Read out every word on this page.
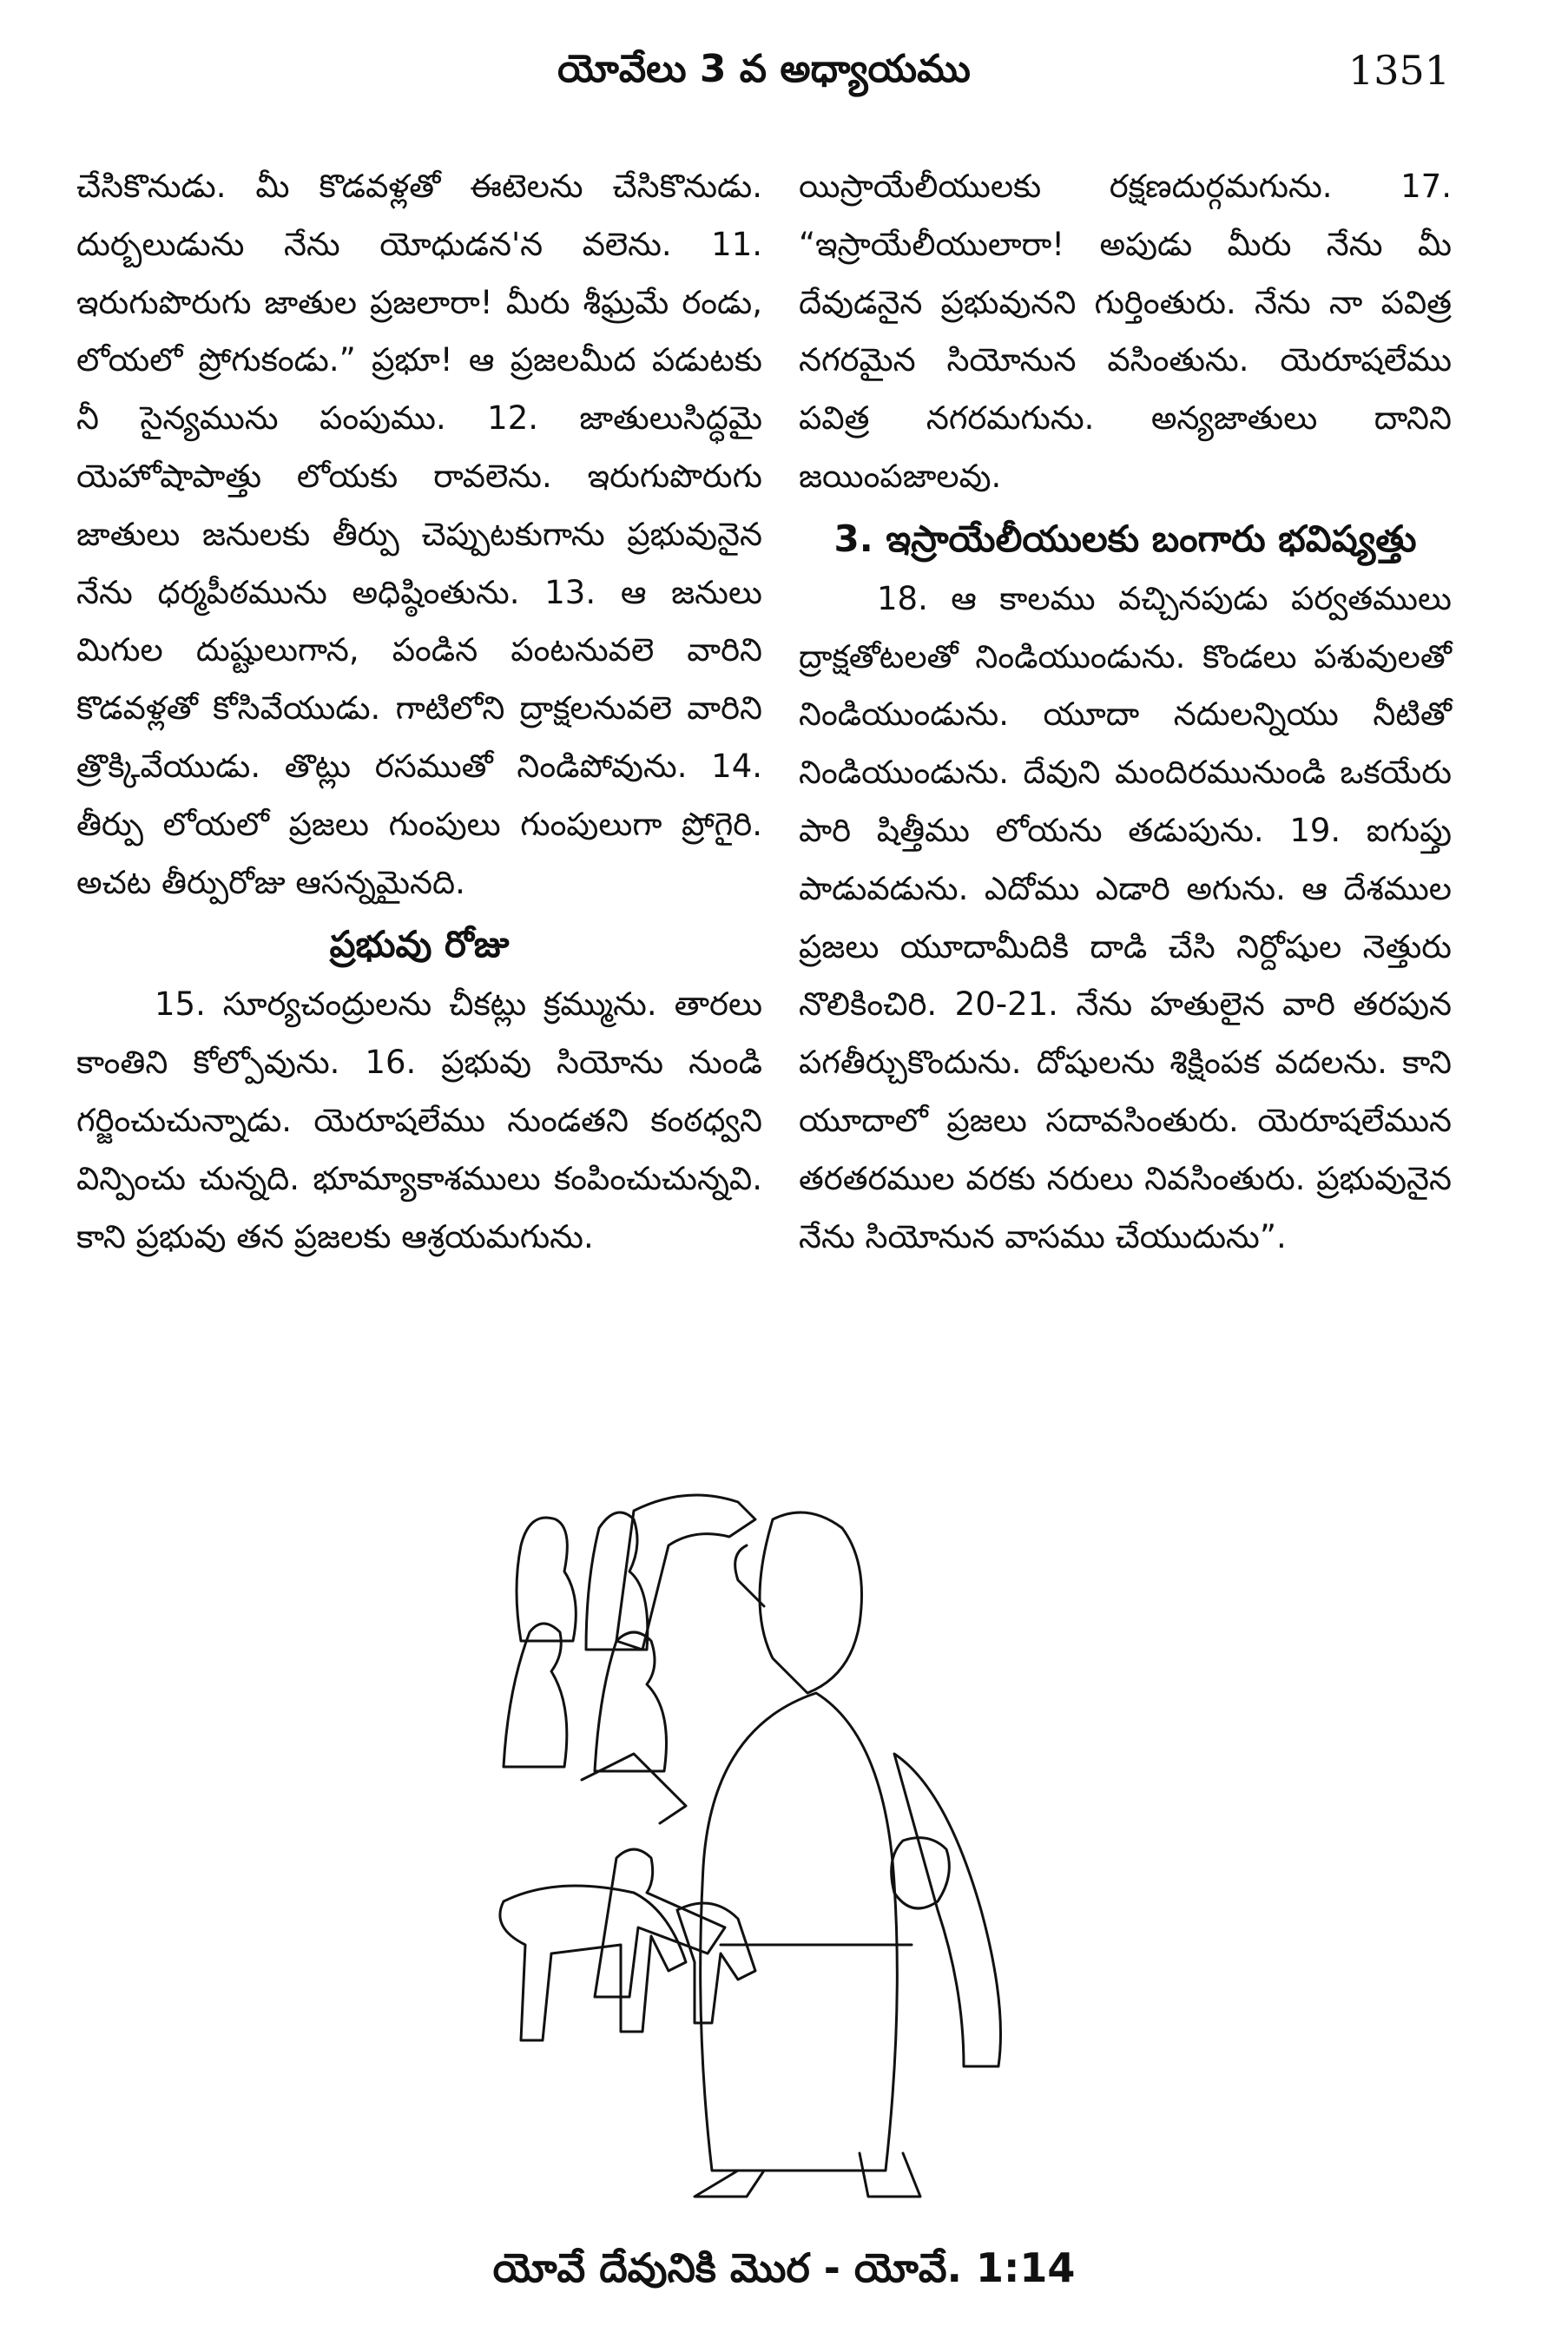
యోవేలు 3 వ అధ్యాయము	1351

చేసికొనుడు. మీ కొడవళ్లతో ఈటెలను చేసికొనుడు. దుర్బలుడును నేను యోధుడన'న వలెను. 11. ఇరుగుపొరుగు జాతుల ప్రజలారా! మీరు శీఘ్రమే రండు, లోయలో ప్రోగుకండు.” ప్రభూ! ఆ ప్రజలమీద పడుటకు నీ సైన్యమును పంపుము. 12. జాతులుసిద్ధమై యెహోషాపాత్తు లోయకు రావలెను. ఇరుగుపొరుగు జాతులు జనులకు తీర్పు చెప్పుటకుగాను ప్రభువునైన నేను ధర్మపీఠమును అధిష్ఠింతును. 13. ఆ జనులు మిగుల దుష్టులుగాన, పండిన పంటనువలె వారిని కొడవళ్లతో కోసివేయుడు. గాటిలోని ద్రాక్షలనువలె వారిని త్రొక్కివేయుడు. తొట్లు రసముతో నిండిపోవును. 14. తీర్పు లోయలో ప్రజలు గుంపులు గుంపులుగా ప్రోగైరి. అచట తీర్పురోజు ఆసన్నమైనది.

ప్రభువు రోజు

15. సూర్యచంద్రులను చీకట్లు క్రమ్మును. తారలు కాంతిని కోల్పోవును. 16. ప్రభువు సియోను నుండి గర్జించుచున్నాడు. యెరూషలేము నుండతని కంఠధ్వని విన్పించు చున్నది. భూమ్యాకాశములు కంపించుచున్నవి. కాని ప్రభువు తన ప్రజలకు ఆశ్రయమగును.

యిస్రాయేలీయులకు రక్షణదుర్గమగును. 17. “ఇస్రాయేలీయులారా! అపుడు మీరు నేను మీ దేవుడనైన ప్రభువునని గుర్తింతురు. నేను నా పవిత్ర నగరమైన సియోనున వసింతును. యెరూషలేము పవిత్ర నగరమగును. అన్యజాతులు దానిని జయింపజాలవు.

3. ఇస్రాయేలీయులకు బంగారు భవిష్యత్తు

18. ఆ కాలము వచ్చినపుడు పర్వతములు ద్రాక్షతోటలతో నిండియుండును. కొండలు పశువులతో నిండియుండును. యూదా నదులన్నియు నీటితో నిండియుండును. దేవుని మందిరమునుండి ఒకయేరు పారి షిత్తీము లోయను తడుపును. 19. ఐగుప్తు పాడువడును. ఎదోము ఎడారి అగును. ఆ దేశముల ప్రజలు యూదామీదికి దాడి చేసి నిర్దోషుల నెత్తురు నొలికించిరి. 20-21. నేను హతులైన వారి తరపున పగతీర్చుకొందును. దోషులను శిక్షింపక వదలను. కాని యూదాలో ప్రజలు సదావసింతురు. యెరూషలేమున తరతరముల వరకు నరులు నివసింతురు. ప్రభువునైన నేను సియోనున వాసము చేయుదును”.

యోవే దేవునికి మొర - యోవే. 1:14
